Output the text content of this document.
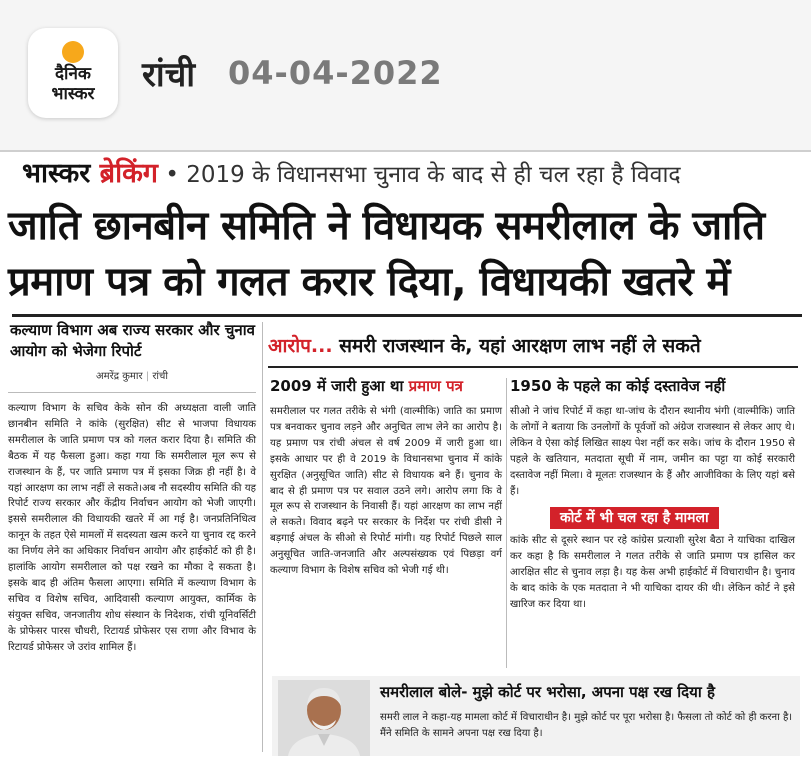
दैनिक
भास्कर	रांची 04-04-2022
भास्कर ब्रेकिंग • 2019 के विधानसभा चुनाव के बाद से ही चल रहा है विवाद
जाति छानबीन समिति ने विधायक समरीलाल के जाति प्रमाण पत्र को गलत करार दिया, विधायकी खतरे में
कल्याण विभाग अब राज्य सरकार और चुनाव आयोग को भेजेगा रिपोर्ट
अमरेंद्र कुमार | रांची
कल्याण विभाग के सचिव केके सोन की अध्यक्षता वाली जाति छानबीन समिति ने कांके (सुरक्षित) सीट से भाजपा विधायक समरीलाल के जाति प्रमाण पत्र को गलत करार दिया है। समिति की बैठक में यह फैसला हुआ। कहा गया कि समरीलाल मूल रूप से राजस्थान के हैं, पर जाति प्रमाण पत्र में इसका जिक्र ही नहीं है। वे यहां आरक्षण का लाभ नहीं ले सकते।अब नौ सदस्यीय समिति की यह रिपोर्ट राज्य सरकार और केंद्रीय निर्वाचन आयोग को भेजी जाएगी। इससे समरीलाल की विधायकी खतरे में आ गई है। जनप्रतिनिधित्व कानून के तहत ऐसे मामलों में सदस्यता खत्म करने या चुनाव रद्द करने का निर्णय लेने का अधिकार निर्वाचन आयोग और हाईकोर्ट को ही है। हालांकि आयोग समरीलाल को पक्ष रखने का मौका दे सकता है। इसके बाद ही अंतिम फैसला आएगा। समिति में कल्याण विभाग के सचिव व विशेष सचिव, आदिवासी कल्याण आयुक्त, कार्मिक के संयुक्त सचिव, जनजातीय शोध संस्थान के निदेशक, रांची यूनिवर्सिटी के प्रोफेसर पारस चौधरी, रिटायर्ड प्रोफेसर एस राणा और विभाव के रिटायर्ड प्रोफेसर जे उरांव शामिल हैं।
आरोप... समरी राजस्थान के, यहां आरक्षण लाभ नहीं ले सकते
2009 में जारी हुआ था प्रमाण पत्र
समरीलाल पर गलत तरीके से भंगी (वाल्मीकि) जाति का प्रमाण पत्र बनवाकर चुनाव लड़ने और अनुचित लाभ लेने का आरोप है। यह प्रमाण पत्र रांची अंचल से वर्ष 2009 में जारी हुआ था। इसके आधार पर ही वे 2019 के विधानसभा चुनाव में कांके सुरक्षित (अनुसूचित जाति) सीट से विधायक बने हैं। चुनाव के बाद से ही प्रमाण पत्र पर सवाल उठने लगे। आरोप लगा कि वे मूल रूप से राजस्थान के निवासी हैं। यहां आरक्षण का लाभ नहीं ले सकते। विवाद बढ़ने पर सरकार के निर्देश पर रांची डीसी ने बड़गाई अंचल के सीओ से रिपोर्ट मांगी। यह रिपोर्ट पिछले साल अनुसूचित जाति-जनजाति और अल्पसंख्यक एवं पिछड़ा वर्ग कल्याण विभाग के विशेष सचिव को भेजी गई थी।
1950 के पहले का कोई दस्तावेज नहीं
सीओ ने जांच रिपोर्ट में कहा था-जांच के दौरान स्थानीय भंगी (वाल्मीकि) जाति के लोगों ने बताया कि उनलोगों के पूर्वजों को अंग्रेज राजस्थान से लेकर आए थे। लेकिन वे ऐसा कोई लिखित साक्ष्य पेश नहीं कर सके। जांच के दौरान 1950 से पहले के खतियान, मतदाता सूची में नाम, जमीन का पट्टा या कोई सरकारी दस्तावेज नहीं मिला। वे मूलतः राजस्थान के हैं और आजीविका के लिए यहां बसे हैं।
कोर्ट में भी चल रहा है मामला
कांके सीट से दूसरे स्थान पर रहे कांग्रेस प्रत्याशी सुरेश बैठा ने याचिका दाखिल कर कहा है कि समरीलाल ने गलत तरीके से जाति प्रमाण पत्र हासिल कर आरक्षित सीट से चुनाव लड़ा है। यह केस अभी हाईकोर्ट में विचाराधीन है। चुनाव के बाद कांके के एक मतदाता ने भी याचिका दायर की थी। लेकिन कोर्ट ने इसे खारिज कर दिया था।
समरीलाल बोले- मुझे कोर्ट पर भरोसा, अपना पक्ष रख दिया है
समरी लाल ने कहा-यह मामला कोर्ट में विचाराधीन है। मुझे कोर्ट पर पूरा भरोसा है। फैसला तो कोर्ट को ही करना है। मैंने समिति के सामने अपना पक्ष रख दिया है।
